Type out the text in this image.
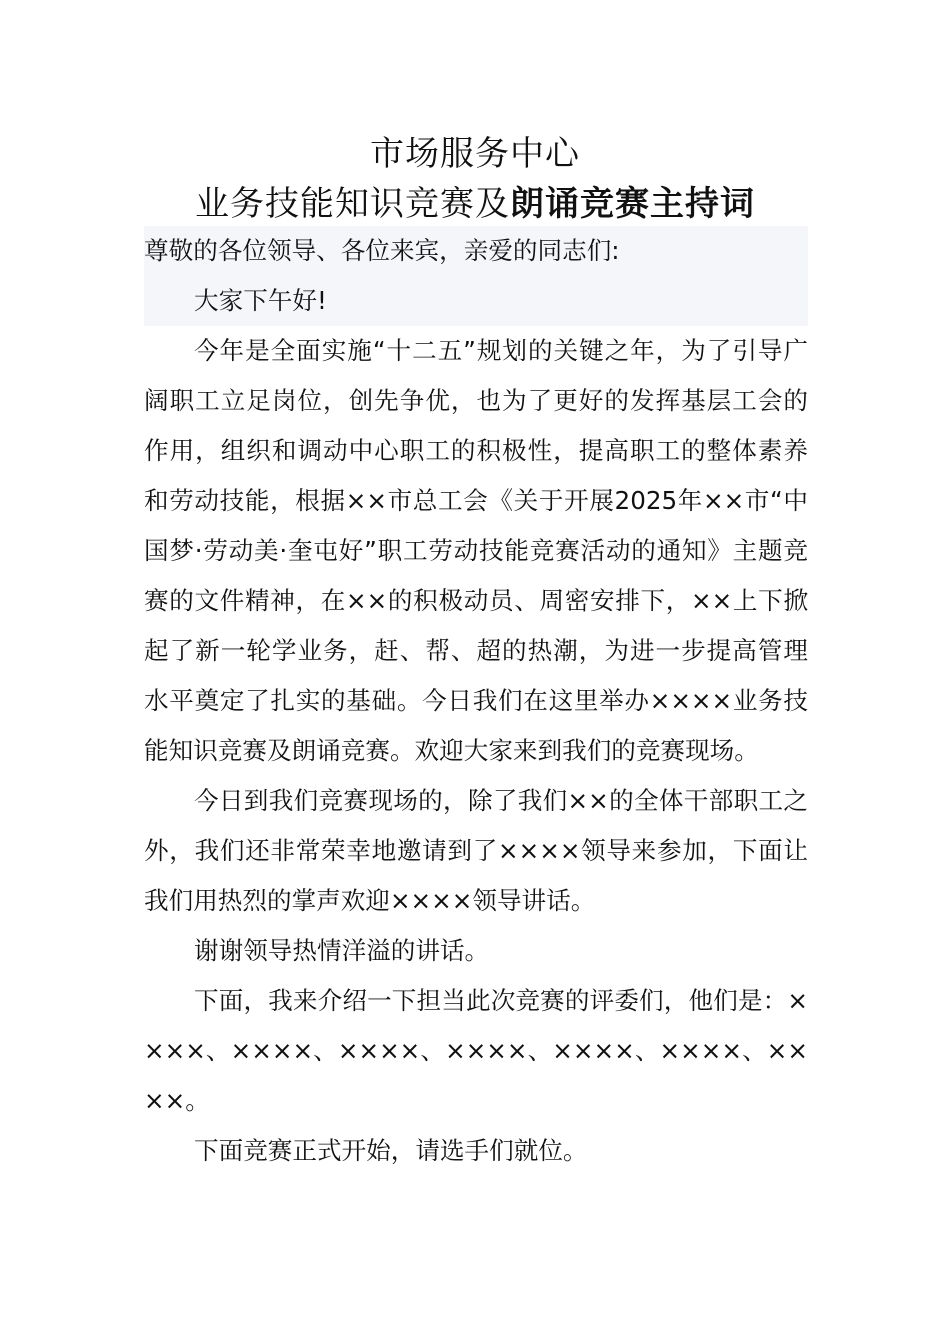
市场服务中心
业务技能知识竞赛及朗诵竞赛主持词

尊敬的各位领导、各位来宾，亲爱的同志们:

大家下午好!

今年是全面实施“十二五”规划的关键之年，为了引导广阔职工立足岗位，创先争优，也为了更好的发挥基层工会的作用，组织和调动中心职工的积极性，提高职工的整体素养和劳动技能，根据××市总工会《关于开展2025年××市“中国梦·劳动美·奎屯好”职工劳动技能竞赛活动的通知》主题竞赛的文件精神，在××的积极动员、周密安排下，××上下掀起了新一轮学业务，赶、帮、超的热潮，为进一步提高管理水平奠定了扎实的基础。今日我们在这里举办××××业务技能知识竞赛及朗诵竞赛。欢迎大家来到我们的竞赛现场。

今日到我们竞赛现场的，除了我们××的全体干部职工之外，我们还非常荣幸地邀请到了××××领导来参加，下面让我们用热烈的掌声欢迎××××领导讲话。

谢谢领导热情洋溢的讲话。

下面，我来介绍一下担当此次竞赛的评委们，他们是：××××、××××、××××、××××、××××、××××、××××。

下面竞赛正式开始，请选手们就位。
